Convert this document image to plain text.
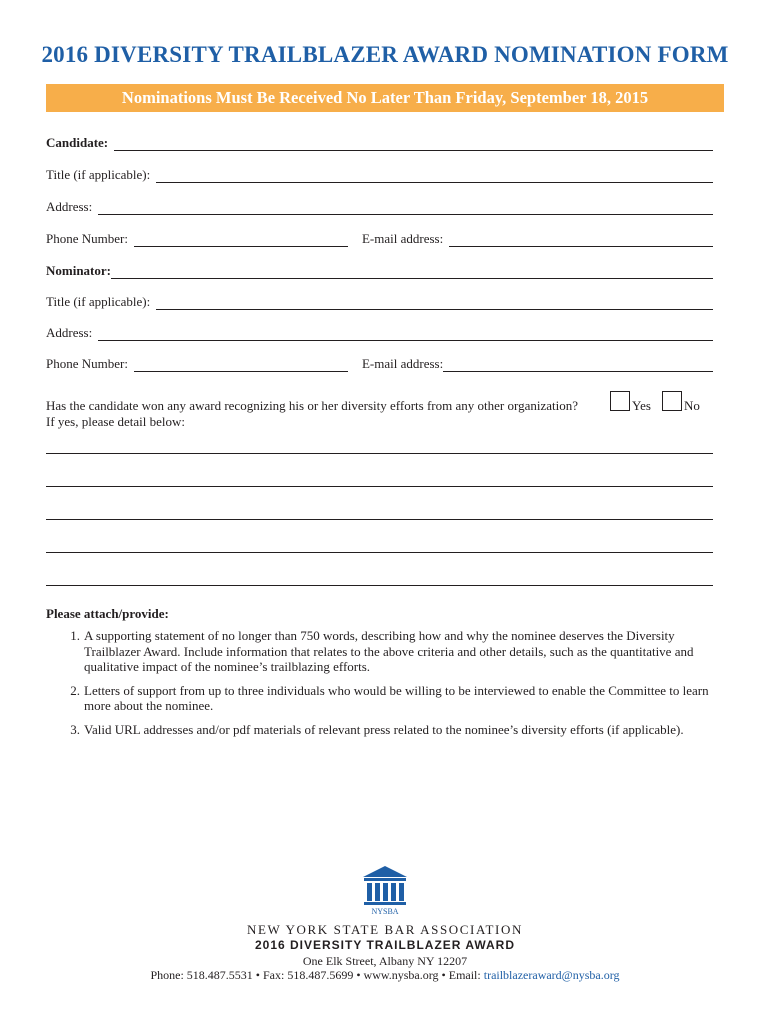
2016 DIVERSITY TRAILBLAZER AWARD NOMINATION FORM
Nominations Must Be Received No Later Than Friday, September 18, 2015
Candidate:
Title (if applicable):
Address:
Phone Number:	E-mail address:
Nominator:
Title (if applicable):
Address:
Phone Number:	E-mail address:
Has the candidate won any award recognizing his or her diversity efforts from any other organization?
If yes, please detail below:
Yes	No
Please attach/provide:
1. A supporting statement of no longer than 750 words, describing how and why the nominee deserves the Diversity Trailblazer Award. Include information that relates to the above criteria and other details, such as the quantitative and qualitative impact of the nominee’s trailblazing efforts.
2. Letters of support from up to three individuals who would be willing to be interviewed to enable the Committee to learn more about the nominee.
3. Valid URL addresses and/or pdf materials of relevant press related to the nominee’s diversity efforts (if applicable).
NYSBA
NEW YORK STATE BAR ASSOCIATION
2016 DIVERSITY TRAILBLAZER AWARD
One Elk Street, Albany NY 12207
Phone: 518.487.5531 • Fax: 518.487.5699 • www.nysba.org • Email: trailblazeraward@nysba.org
